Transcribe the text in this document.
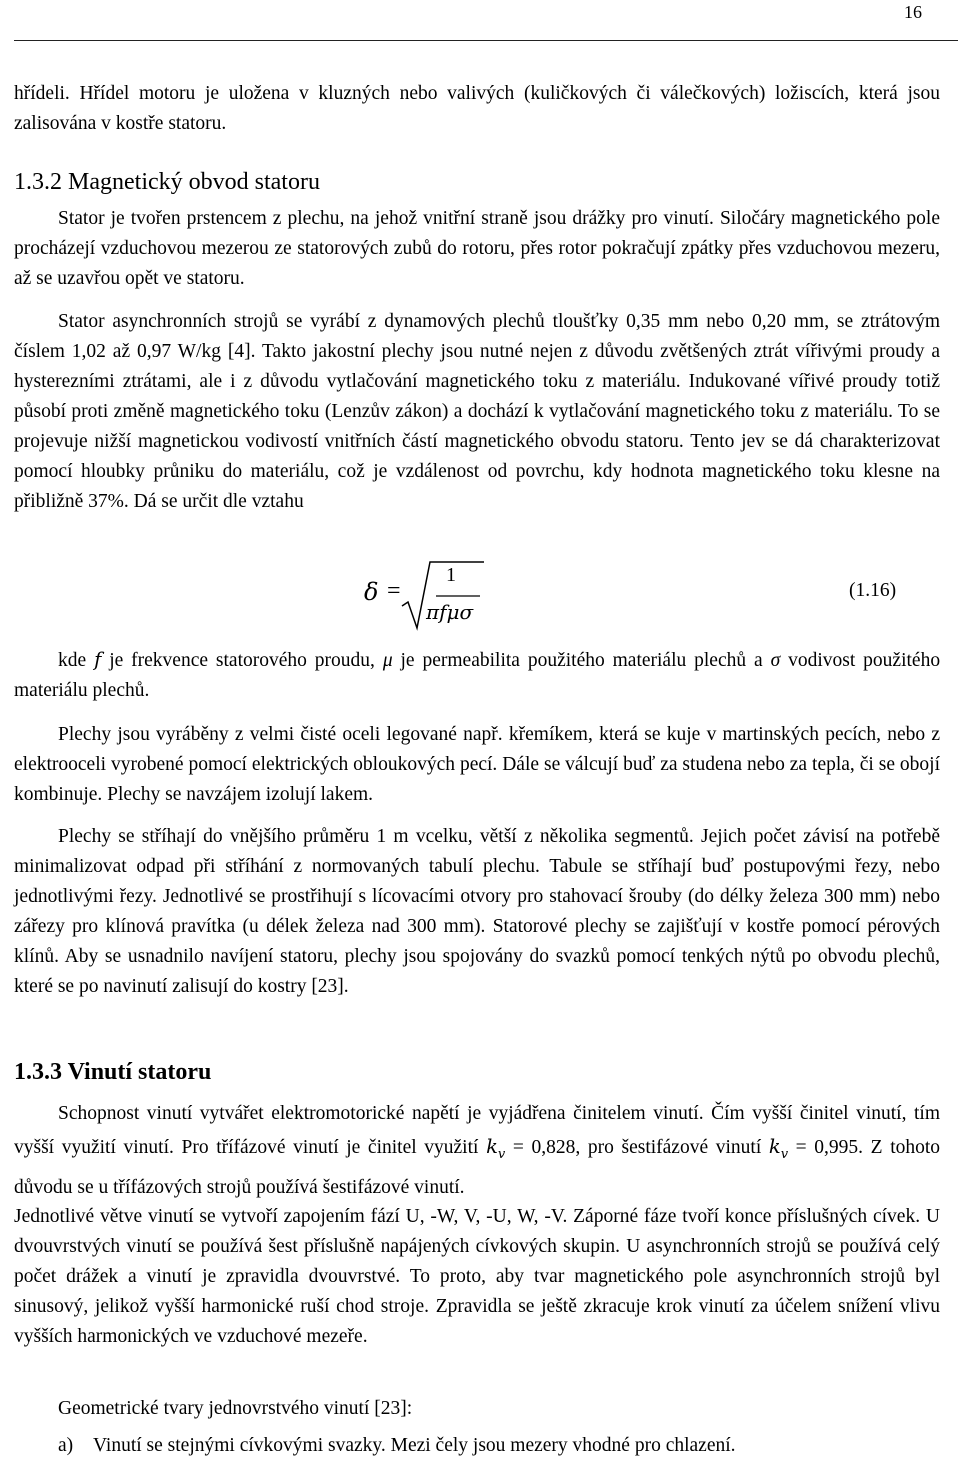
16

hřídeli. Hřídel motoru je uložena v kluzných nebo valivých (kuličkových či válečkových) ložiscích, která jsou zalisována v kostře statoru.

1.3.2 Magnetický obvod statoru

Stator je tvořen prstencem z plechu, na jehož vnitřní straně jsou drážky pro vinutí. Siločáry magnetického pole procházejí vzduchovou mezerou ze statorových zubů do rotoru, přes rotor pokračují zpátky přes vzduchovou mezeru, až se uzavřou opět ve statoru.

Stator asynchronních strojů se vyrábí z dynamových plechů tloušťky 0,35 mm nebo 0,20 mm, se ztrátovým číslem 1,02 až 0,97 W/kg [4]. Takto jakostní plechy jsou nutné nejen z důvodu zvětšených ztrát vířivými proudy a hysterezními ztrátami, ale i z důvodu vytlačování magnetického toku z materiálu. Indukované vířivé proudy totiž působí proti změně magnetického toku (Lenzův zákon) a dochází k vytlačování magnetického toku z materiálu. To se projevuje nižší magnetickou vodivostí vnitřních částí magnetického obvodu statoru. Tento jev se dá charakterizovat pomocí hloubky průniku do materiálu, což je vzdálenost od povrchu, kdy hodnota magnetického toku klesne na přibližně 37%. Dá se určit dle vztahu

δ =
1
πfμσ
(1.16)

kde f je frekvence statorového proudu, μ je permeabilita použitého materiálu plechů a σ vodivost použitého materiálu plechů.

Plechy jsou vyráběny z velmi čisté oceli legované např. křemíkem, která se kuje v martinských pecích, nebo z elektrooceli vyrobené pomocí elektrických obloukových pecí. Dále se válcují buď za studena nebo za tepla, či se obojí kombinuje. Plechy se navzájem izolují lakem.

Plechy se stříhají do vnějšího průměru 1 m vcelku, větší z několika segmentů. Jejich počet závisí na potřebě minimalizovat odpad při stříhání z normovaných tabulí plechu. Tabule se stříhají buď postupovými řezy, nebo jednotlivými řezy. Jednotlivé se prostřihují s lícovacími otvory pro stahovací šrouby (do délky železa 300 mm) nebo zářezy pro klínová pravítka (u délek železa nad 300 mm). Statorové plechy se zajišťují v kostře pomocí pérových klínů. Aby se usnadnilo navíjení statoru, plechy jsou spojovány do svazků pomocí tenkých nýtů po obvodu plechů, které se po navinutí zalisují do kostry [23].

1.3.3 Vinutí statoru

Schopnost vinutí vytvářet elektromotorické napětí je vyjádřena činitelem vinutí. Čím vyšší činitel vinutí, tím vyšší využití vinutí. Pro třífázové vinutí je činitel využití $k_v = 0,828$, pro šestifázové vinutí $k_v = 0,995$. Z tohoto důvodu se u třífázových strojů používá šestifázové vinutí.

Jednotlivé větve vinutí se vytvoří zapojením fází U, -W, V, -U, W, -V. Záporné fáze tvoří konce příslušných cívek. U dvouvrstvých vinutí se používá šest příslušně napájených cívkových skupin. U asynchronních strojů se používá celý počet drážek a vinutí je zpravidla dvouvrstvé. To proto, aby tvar magnetického pole asynchronních strojů byl sinusový, jelikož vyšší harmonické ruší chod stroje. Zpravidla se ještě zkracuje krok vinutí za účelem snížení vlivu vyšších harmonických ve vzduchové mezeře.

Geometrické tvary jednovrstvého vinutí [23]:

a) Vinutí se stejnými cívkovými svazky. Mezi čely jsou mezery vhodné pro chlazení.
